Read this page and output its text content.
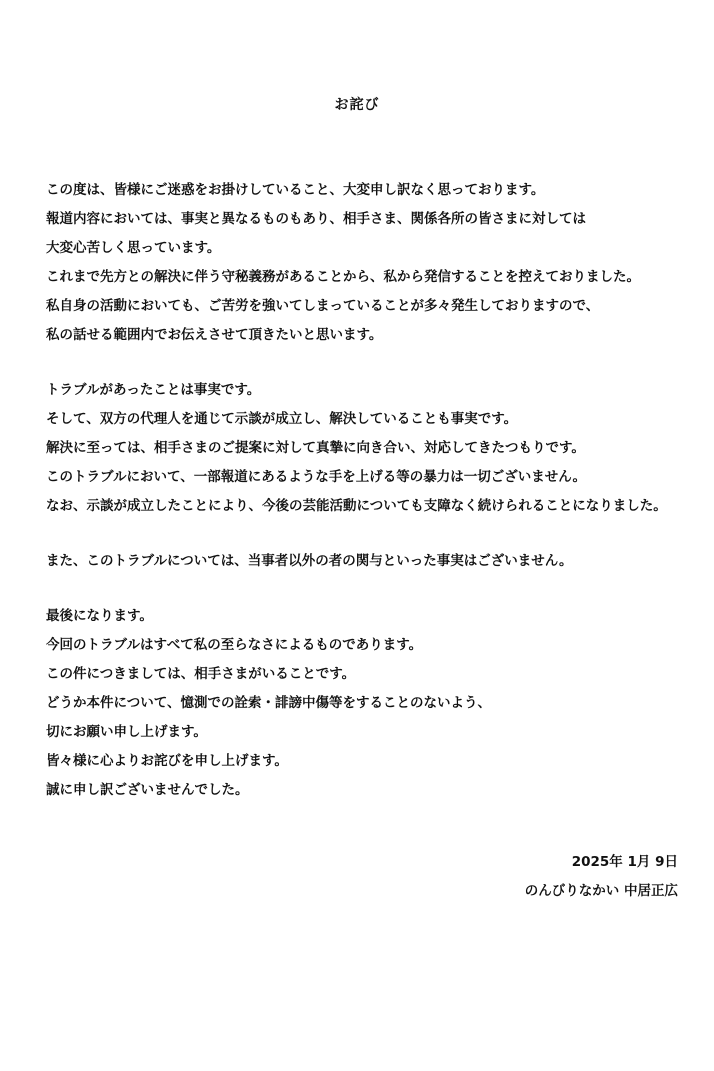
お詫び
この度は、皆様にご迷惑をお掛けしていること、大変申し訳なく思っております。
報道内容においては、事実と異なるものもあり、相手さま、関係各所の皆さまに対しては
大変心苦しく思っています。
これまで先方との解決に伴う守秘義務があることから、私から発信することを控えておりました。
私自身の活動においても、ご苦労を強いてしまっていることが多々発生しておりますので、
私の話せる範囲内でお伝えさせて頂きたいと思います。
トラブルがあったことは事実です。
そして、双方の代理人を通じて示談が成立し、解決していることも事実です。
解決に至っては、相手さまのご提案に対して真摯に向き合い、対応してきたつもりです。
このトラブルにおいて、一部報道にあるような手を上げる等の暴力は一切ございません。
なお、示談が成立したことにより、今後の芸能活動についても支障なく続けられることになりました。
また、このトラブルについては、当事者以外の者の関与といった事実はございません。
最後になります。
今回のトラブルはすべて私の至らなさによるものであります。
この件につきましては、相手さまがいることです。
どうか本件について、憶測での詮索・誹謗中傷等をすることのないよう、
切にお願い申し上げます。
皆々様に心よりお詫びを申し上げます。
誠に申し訳ございませんでした。
2025年 1月 9日
のんびりなかい 中居正広
